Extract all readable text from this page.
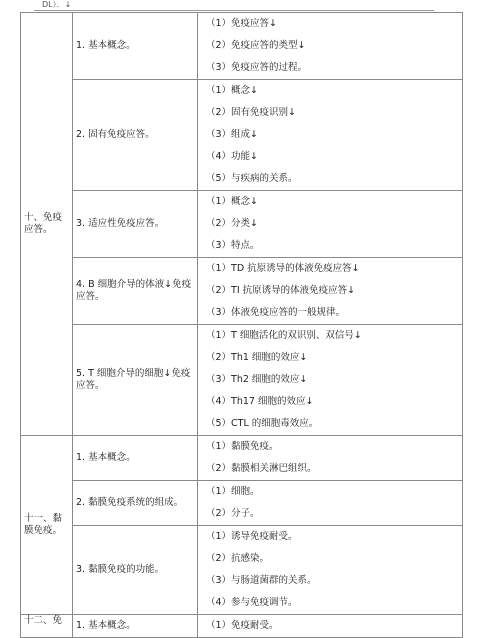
DL）．↓
十、免疫应答。	1. 基本概念。	（1）免疫应答↓
（2）免疫应答的类型↓
（3）免疫应答的过程。

	2. 固有免疫应答。	（1）概念↓
（2）固有免疫识别↓
（3）组成↓
（4）功能↓
（5）与疾病的关系。

	3. 适应性免疫应答。	（1）概念↓
（2）分类↓
（3）特点。

	4. B 细胞介导的体液↓免疫应答。	（1）TD 抗原诱导的体液免疫应答↓
（2）TI 抗原诱导的体液免疫应答↓
（3）体液免疫应答的一般规律。

	5. T 细胞介导的细胞↓免疫应答。	（1）T 细胞活化的双识别、双信号↓
（2）Th1 细胞的效应↓
（3）Th2 细胞的效应↓
（4）Th17 细胞的效应↓
（5）CTL 的细胞毒效应。

十一、黏膜免疫。	1. 基本概念。	（1）黏膜免疫。
（2）黏膜相关淋巴组织。

	2. 黏膜免疫系统的组成。	（1）细胞。
（2）分子。

	3. 黏膜免疫的功能。	（1）诱导免疫耐受。
（2）抗感染。
（3）与肠道菌群的关系。
（4）参与免疫调节。

十二、免	1. 基本概念。	（1）免疫耐受。
